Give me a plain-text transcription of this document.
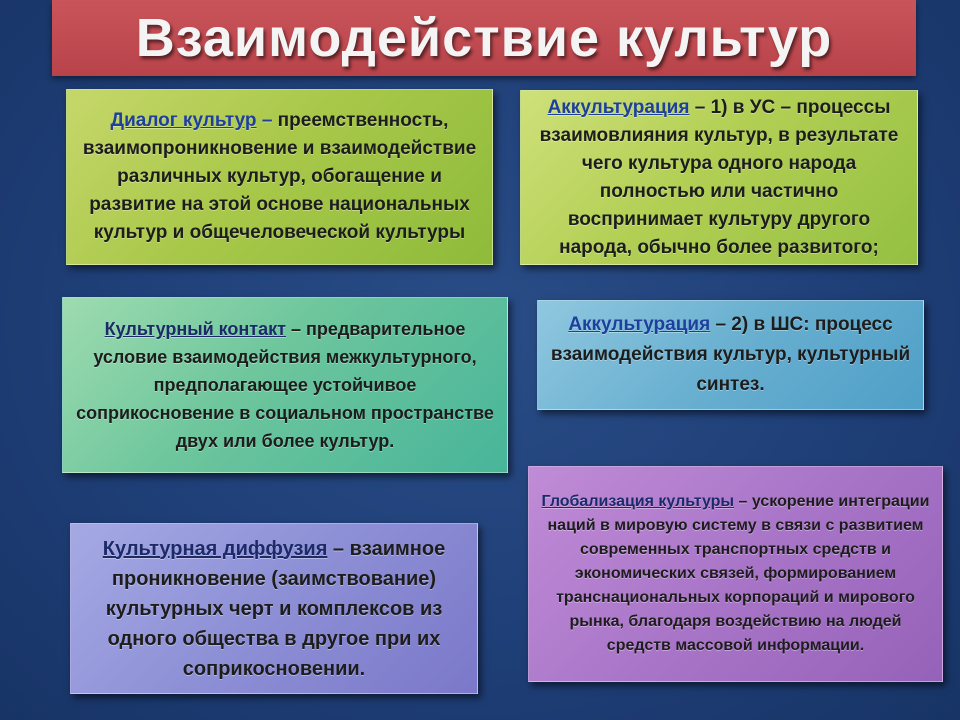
Взаимодействие культур

Диалог культур – преемственность, взаимопроникновение и взаимодействие различных культур, обогащение и развитие на этой основе национальных культур и общечеловеческой культуры

Аккультурация – 1) в УС – процессы взаимовлияния культур, в результате чего культура одного народа полностью или частично воспринимает культуру другого народа, обычно более развитого;

Культурный контакт – предварительное условие взаимодействия межкультурного, предполагающее устойчивое соприкосновение в социальном пространстве двух или более культур.

Аккультурация – 2) в ШС: процесс взаимодействия культур, культурный синтез.

Культурная диффузия – взаимное проникновение (заимствование) культурных черт и комплексов из одного общества в другое при их соприкосновении.

Глобализация культуры – ускорение интеграции наций в мировую систему в связи с развитием современных транспортных средств и экономических связей, формированием транснациональных корпораций и мирового рынка, благодаря воздействию на людей средств массовой информации.
